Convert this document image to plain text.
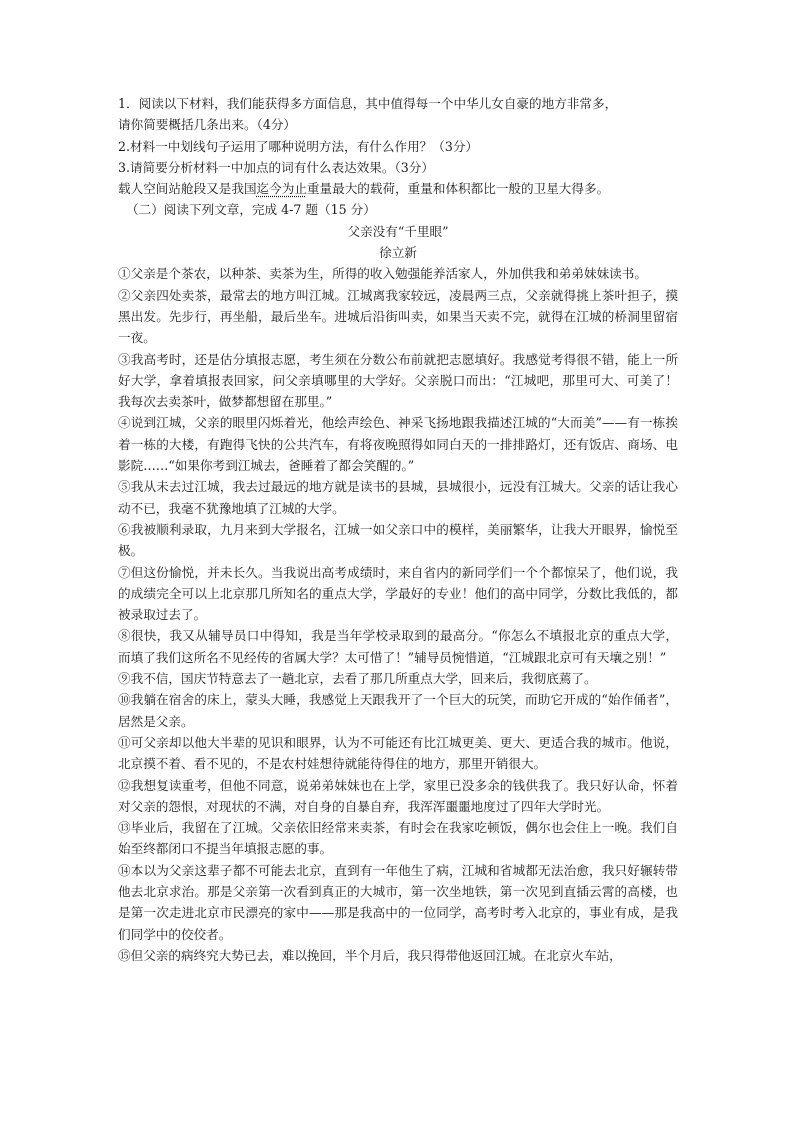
1．阅读以下材料，我们能获得多方面信息，其中值得每一个中华儿女自豪的地方非常多，

请你简要概括几条出来。（4分）

2.材料一中划线句子运用了哪种说明方法，有什么作用？（3分）

3.请简要分析材料一中加点的词有什么表达效果。（3分）

载人空间站舱段又是我国迄今为止重量最大的载荷，重量和体积都比一般的卫星大得多。

（二）阅读下列文章，完成 4-7 题（15 分）

父亲没有“千里眼”

徐立新

①父亲是个茶农，以种茶、卖茶为生，所得的收入勉强能养活家人，外加供我和弟弟妹妹读书。

②父亲四处卖茶，最常去的地方叫江城。江城离我家较远，凌晨两三点，父亲就得挑上茶叶担子，摸黑出发。先步行，再坐船，最后坐车。进城后沿街叫卖，如果当天卖不完，就得在江城的桥洞里留宿一夜。

③我高考时，还是估分填报志愿，考生须在分数公布前就把志愿填好。我感觉考得很不错，能上一所好大学，拿着填报表回家，问父亲填哪里的大学好。父亲脱口而出：“江城吧，那里可大、可美了！我每次去卖茶叶，做梦都想留在那里。”

④说到江城，父亲的眼里闪烁着光，他绘声绘色、神采飞扬地跟我描述江城的“大而美”——有一栋挨着一栋的大楼，有跑得飞快的公共汽车，有将夜晚照得如同白天的一排排路灯，还有饭店、商场、电影院……“如果你考到江城去，爸睡着了都会笑醒的。”

⑤我从未去过江城，我去过最远的地方就是读书的县城，县城很小，远没有江城大。父亲的话让我心动不已，我毫不犹豫地填了江城的大学。

⑥我被顺利录取，九月来到大学报名，江城一如父亲口中的模样，美丽繁华，让我大开眼界，愉悦至极。

⑦但这份愉悦，并未长久。当我说出高考成绩时，来自省内的新同学们一个个都惊呆了，他们说，我的成绩完全可以上北京那几所知名的重点大学，学最好的专业！他们的高中同学，分数比我低的，都被录取过去了。

⑧很快，我又从辅导员口中得知，我是当年学校录取到的最高分。“你怎么不填报北京的重点大学，而填了我们这所名不见经传的省属大学？太可惜了！”辅导员惋惜道，“江城跟北京可有天壤之别！”

⑨我不信，国庆节特意去了一趟北京，去看了那几所重点大学，回来后，我彻底蔫了。

⑩我躺在宿舍的床上，蒙头大睡，我感觉上天跟我开了一个巨大的玩笑，而助它开成的“始作俑者”，居然是父亲。

⑪可父亲却以他大半辈的见识和眼界，认为不可能还有比江城更美、更大、更适合我的城市。他说，北京摸不着、看不见的，不是农村娃想待就能待得住的地方，那里开销很大。

⑫我想复读重考，但他不同意，说弟弟妹妹也在上学，家里已没多余的钱供我了。我只好认命，怀着对父亲的怨恨，对现状的不满，对自身的自暴自弃，我浑浑噩噩地度过了四年大学时光。

⑬毕业后，我留在了江城。父亲依旧经常来卖茶，有时会在我家吃顿饭，偶尔也会住上一晚。我们自始至终都闭口不提当年填报志愿的事。

⑭本以为父亲这辈子都不可能去北京，直到有一年他生了病，江城和省城都无法治愈，我只好辗转带他去北京求治。那是父亲第一次看到真正的大城市，第一次坐地铁，第一次见到直插云霄的高楼，也是第一次走进北京市民漂亮的家中——那是我高中的一位同学，高考时考入北京的，事业有成，是我们同学中的佼佼者。

⑮但父亲的病终究大势已去，难以挽回，半个月后，我只得带他返回江城。在北京火车站，
